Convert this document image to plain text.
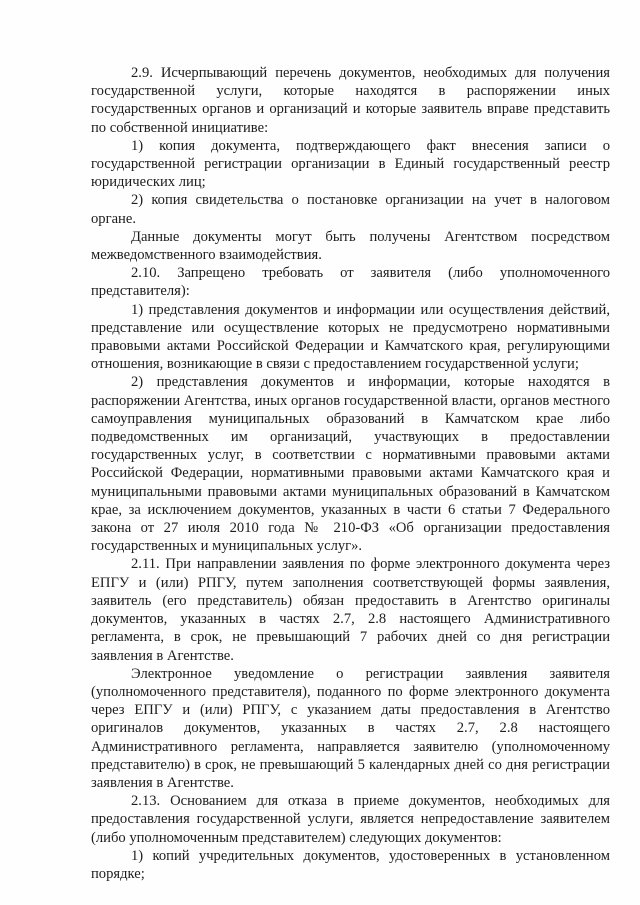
2.9. Исчерпывающий перечень документов, необходимых для получения государственной услуги, которые находятся в распоряжении иных государственных органов и организаций и которые заявитель вправе представить по собственной инициативе:

1) копия документа, подтверждающего факт внесения записи о государственной регистрации организации в Единый государственный реестр юридических лиц;

2) копия свидетельства о постановке организации на учет в налоговом органе.

Данные документы могут быть получены Агентством посредством межведомственного взаимодействия.

2.10. Запрещено требовать от заявителя (либо уполномоченного представителя):

1) представления документов и информации или осуществления действий, представление или осуществление которых не предусмотрено нормативными правовыми актами Российской Федерации и Камчатского края, регулирующими отношения, возникающие в связи с предоставлением государственной услуги;

2) представления документов и информации, которые находятся в распоряжении Агентства, иных органов государственной власти, органов местного самоуправления муниципальных образований в Камчатском крае либо подведомственных им организаций, участвующих в предоставлении государственных услуг, в соответствии с нормативными правовыми актами Российской Федерации, нормативными правовыми актами Камчатского края и муниципальными правовыми актами муниципальных образований в Камчатском крае, за исключением документов, указанных в части 6 статьи 7 Федерального закона от 27 июля 2010 года № 210-ФЗ «Об организации предоставления государственных и муниципальных услуг».

2.11. При направлении заявления по форме электронного документа через ЕПГУ и (или) РПГУ, путем заполнения соответствующей формы заявления, заявитель (его представитель) обязан предоставить в Агентство оригиналы документов, указанных в частях 2.7, 2.8 настоящего Административного регламента, в срок, не превышающий 7 рабочих дней со дня регистрации заявления в Агентстве.

Электронное уведомление о регистрации заявления заявителя (уполномоченного представителя), поданного по форме электронного документа через ЕПГУ и (или) РПГУ, с указанием даты предоставления в Агентство оригиналов документов, указанных в частях 2.7, 2.8 настоящего Административного регламента, направляется заявителю (уполномоченному представителю) в срок, не превышающий 5 календарных дней со дня регистрации заявления в Агентстве.

2.13. Основанием для отказа в приеме документов, необходимых для предоставления государственной услуги, является непредоставление заявителем (либо уполномоченным представителем) следующих документов:

1) копий учредительных документов, удостоверенных в установленном порядке;
